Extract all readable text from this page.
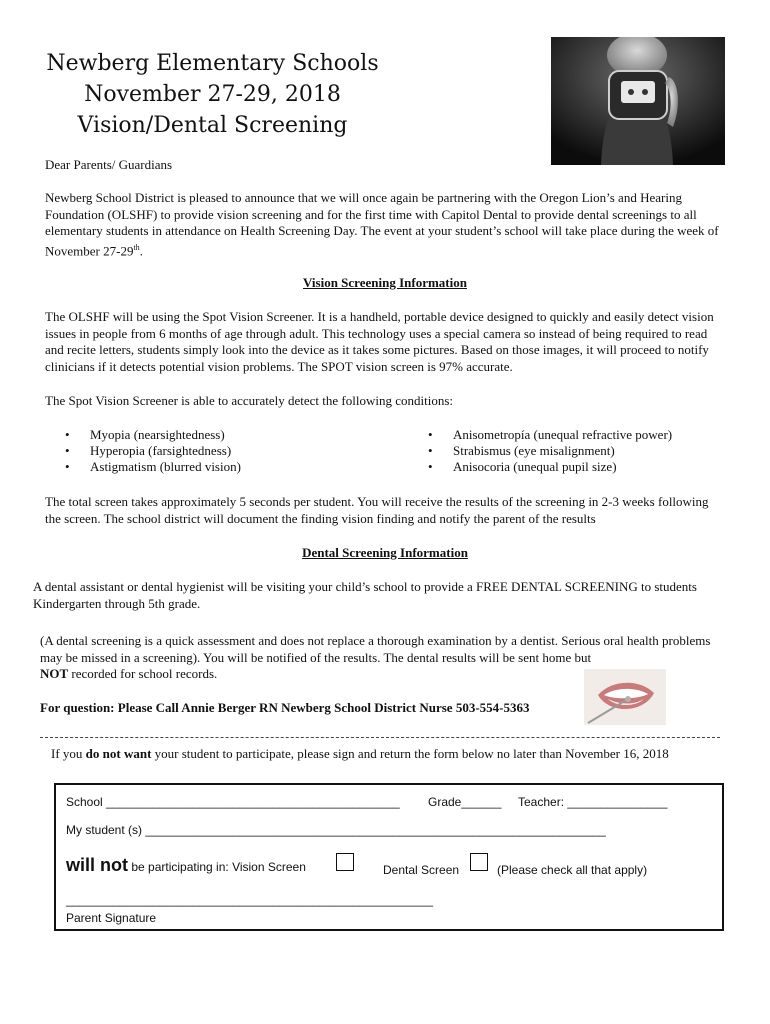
Newberg Elementary Schools
November 27-29, 2018
Vision/Dental Screening
Dear Parents/ Guardians
Newberg School District is pleased to announce that we will once again be partnering with the Oregon Lion’s and Hearing Foundation (OLSHF) to provide vision screening and for the first time with Capitol Dental to provide dental screenings to all elementary students in attendance on Health Screening Day. The event at your student’s school will take place during the week of November 27-29th.
Vision Screening Information
The OLSHF will be using the Spot Vision Screener. It is a handheld, portable device designed to quickly and easily detect vision issues in people from 6 months of age through adult. This technology uses a special camera so instead of being required to read and recite letters, students simply look into the device as it takes some pictures. Based on those images, it will proceed to notify clinicians if it detects potential vision problems. The SPOT vision screen is 97% accurate.
The Spot Vision Screener is able to accurately detect the following conditions:
• Myopia (nearsightedness)
• Hyperopia (farsightedness)
• Astigmatism (blurred vision)
• Anisometropía (unequal refractive power)
• Strabismus (eye misalignment)
• Anisocoria (unequal pupil size)
The total screen takes approximately 5 seconds per student. You will receive the results of the screening in 2-3 weeks following the screen. The school district will document the finding vision finding and notify the parent of the results
Dental Screening Information
A dental assistant or dental hygienist will be visiting your child’s school to provide a FREE DENTAL SCREENING to students Kindergarten through 5th grade.
(A dental screening is a quick assessment and does not replace a thorough examination by a dentist. Serious oral health problems may be missed in a screening). You will be notified of the results. The dental results will be sent home but
NOT recorded for school records.
For question: Please Call Annie Berger RN Newberg School District Nurse 503-554-5363
If you do not want your student to participate, please sign and return the form below no later than November 16, 2018
School ____________________________________________ Grade______ Teacher: _______________
My student (s) _____________________________________________________________________
will not be participating in: Vision Screen	Dental Screen	(Please check all that apply)
_______________________________________________________
Parent Signature
